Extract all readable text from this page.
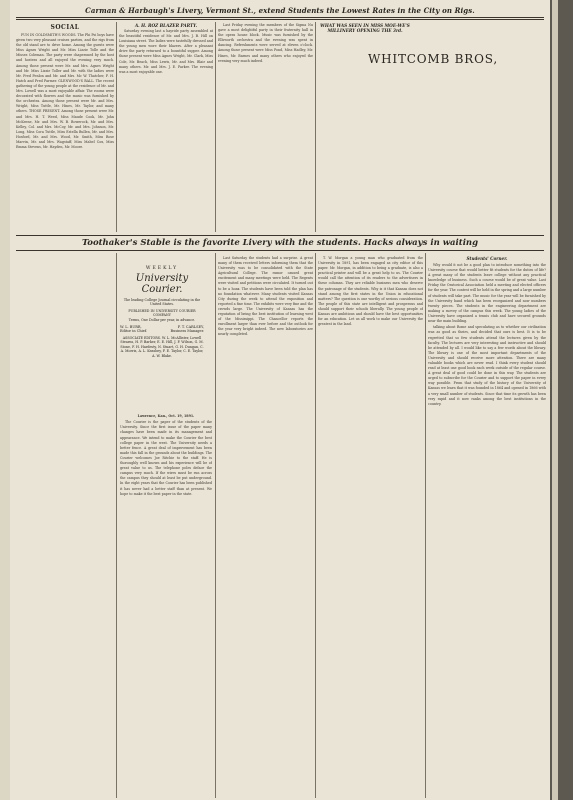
Carman & Harbaugh's Livery, Vermont St., extend Students the Lowest Rates in the City on Rigs.
SOCIAL

FUN IN GOLDSMITH'S WOODS. The Phi Psi boys have given two very pleasant cruises parties, and the rigs from the old stand are to drive home. Among the guests were Miss Agnes Wright and Mr. Miss Lizzie Tolle and the Misses Coleman. The party were chaperoned by the host and hostess and all enjoyed the evening very much. Among those present were Mr. and Mrs. Agnes Wright and Mr. Miss Lizzie Toller and Mr. with the ladies were Mr. Fred Fenlon and Mr. and Mrs. Mc W. Thatcher, F. H. Hatch and Fred Parmer. GLENWOOD'S BALL. The recent gathering of the young people at the residence of Mr. and Mrs. Lowell was a most enjoyable affair. The rooms were decorated with flowers and the music was furnished by the orchestra. Among those present were Mr. and Mrs. Wright, Miss Tuttle, Mr. Hines, Mr. Taylor, and many others. THOSE PRESENT. Among those present were Mr. and Mrs. H. T. Weed, Miss Maude Cook, Mr. John McKeene, Mr. and Mrs. W. B. Bowerock, Mr. and Mrs. Kelley, Col. and Mrs. McCoy, Mr. and Mrs. Johnson, Mr. Long, Miss Cora Tuttle, Miss Estella Bullen, Mr. and Mrs. Hosford, Mr. and Mrs. Wood, Mr. Smith, Miss Rose Marvin, Mr. and Mrs. Wagstaff, Miss Mabel Cox, Miss Emma Stevens, Mr. Hayden, Mr. Moore.

A. H. ROZ BLAZER PARTY.

Saturday evening last a hayride party assembled at the beautiful residence of Mr. and Mrs. J. B. Hill on Louisiana street. The ladies were tastefully dressed and the young men wore their blazers. After a pleasant drive the party returned to a bountiful supper. Among those present were Miss Agnes Wright, Mr. Clark, Miss Cole, Mr. Beach, Miss Lewis, Mr. and Mrs. Blair and many others. Mr. and Mrs. J. E. Parker. The evening was a most enjoyable one.

Last Friday evening the members of the Sigma Nu gave a most delightful party in their fraternity hall in the opera house block. Music was furnished by the Ellsworth orchestra and the evening was spent in dancing. Refreshments were served at eleven o'clock. Among those present were Miss Pond, Miss Hadley, Mr. Hines, Mr. Barnes and many others who enjoyed the evening very much indeed.

WHAT WAS SEEN IN MISS MOE-WE'S MILLINERY OPENING THE 3rd.
WHITCOMB BROS,
Toothaker's Stable is the favorite Livery with the students. Hacks always in waiting
WEEKLY
University Courier.
The leading College Journal circulating in the United States.
PUBLISHED IN UNIVERSITY COURIER COMPANY
Terms, One Dollar per year, in advance.
W. L. BURR,	F. T. CARLSEY,
Editor in Chief.	Business Manager.
ASSOCIATE EDITORS. W. L. McAllister, Lowell Stearns, H. P. Barker, E. E. Hill, J. F. Wilson, G. M. Stone, F. H. Hardesty, N. Stuart, G. H. Dungan, C. A. Morris, A. L. Keasbey, F. E. Taylor, C. E. Taylor, A. W. Blake.

Lawrence, Kan., Oct. 19, 1891.

The Courier is the paper of the students of the University. Since the first issue of the paper many changes have been made in its management and appearance. We intend to make the Courier the best college paper in the west. The University needs a better fence. A great deal of improvement has been made this fall in the grounds about the buildings. The Courier welcomes Joe Ritchie to the staff. He is thoroughly well known and his experience will be of great value to us. The telephone poles deface the campus very much. If the wires must be run across the campus they should at least be put underground. In the eight years that the Courier has been published it has never had a better staff than at present. We hope to make it the best paper in the state.

Last Saturday the students had a surprise. A great many of them received letters informing them that the University was to be consolidated with the State Agricultural College. The rumor caused great excitement and many meetings were held. The Regents were visited and petitions were circulated. It turned out to be a hoax. The students have been told the plan has no foundation whatever. Many students visited Kansas City during the week to attend the exposition and reported a fine time. The exhibits were very fine and the crowds large. The University of Kansas has the reputation of being the best institution of learning west of the Mississippi. The Chancellor reports the enrollment larger than ever before and the outlook for the year very bright indeed. The new laboratories are nearly completed.

T. W. Morgan a young man who graduated from the University in 1891, has been engaged as city editor of this paper. Mr. Morgan, in addition to being a graduate, is also a practical printer and will be a great help to us. The Courier would call the attention of its readers to the advertisers in these columns. They are reliable business men who deserve the patronage of the students. Why is it that Kansas does not stand among the first states in the Union in educational matters? The question is one worthy of serious consideration. The people of this state are intelligent and prosperous and should support their schools liberally. The young people of Kansas are ambitious and should have the best opportunities for an education. Let us all work to make our University the greatest in the land.

Students' Corner.

Why would it not be a good plan to introduce something into the University course that would better fit students for the duties of life? A great many of the students leave college without any practical knowledge of business. Such a course would be of great value. Last Friday the Oratorical Association held a meeting and elected officers for the year. The contest will be held in the spring and a large number of students will take part. The music for the year will be furnished by the University band which has been reorganized and now numbers twenty pieces. The students in the engineering department are making a survey of the campus this week. The young ladies of the University have organized a tennis club and have secured grounds near the main building.

talking about Rome and speculating as to whether our civilization was as good as theirs, and decided that ours is best. It is to be regretted that so few students attend the lectures given by the faculty. The lectures are very interesting and instructive and should be attended by all. I would like to say a few words about the library. The library is one of the most important departments of the University and should receive more attention. There are many valuable books which are never read. I think every student should read at least one good book each week outside of the regular course. A great deal of good could be done in this way. The students are urged to subscribe for the Courier and to support the paper in every way possible. From that study of the history of the University of Kansas we learn that it was founded in 1864 and opened in 1866 with a very small number of students. Since that time its growth has been very rapid and it now ranks among the best institutions in the country.
